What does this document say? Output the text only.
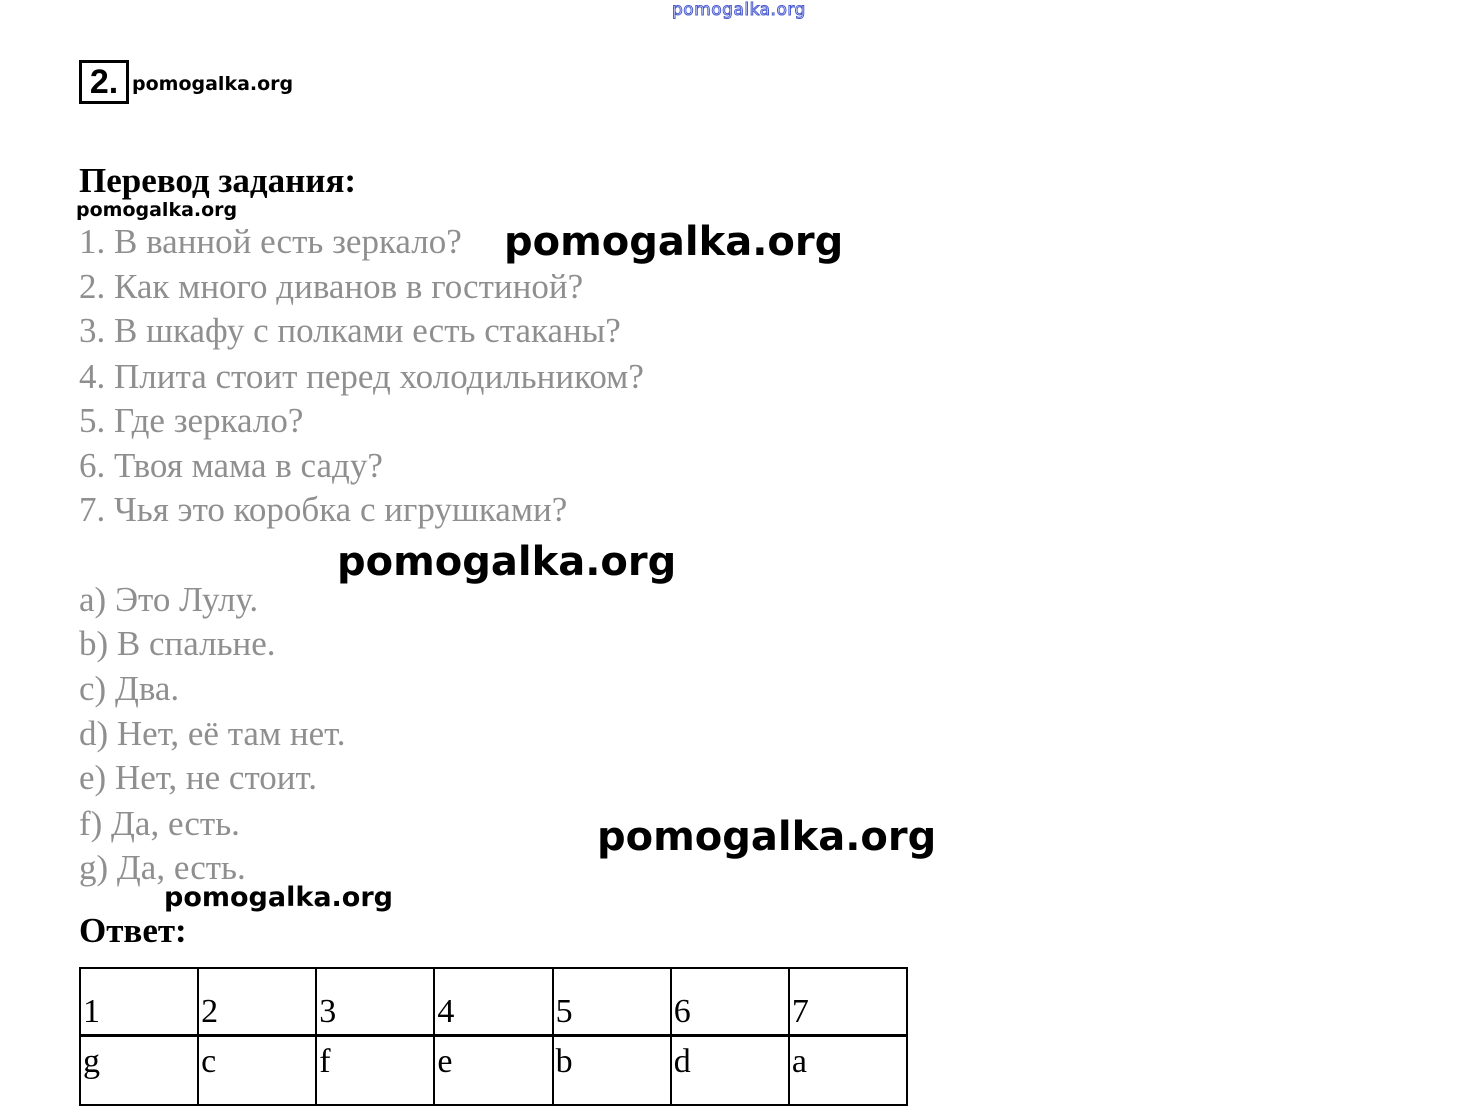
pomogalka.org
2. pomogalka.org
Перевод задания:
pomogalka.org
1. В ванной есть зеркало?
2. Как много диванов в гостиной?
3. В шкафу с полками есть стаканы?
4. Плита стоит перед холодильником?
5. Где зеркало?
6. Твоя мама в саду?
7. Чья это коробка с игрушками?
pomogalka.org
pomogalka.org
a) Это Лулу.
b) В спальне.
c) Два.
d) Нет, её там нет.
e) Нет, не стоит.
f) Да, есть.
g) Да, есть.
pomogalka.org
pomogalka.org
Ответ:
1	2	3	4	5	6	7
g	c	f	e	b	d	a
